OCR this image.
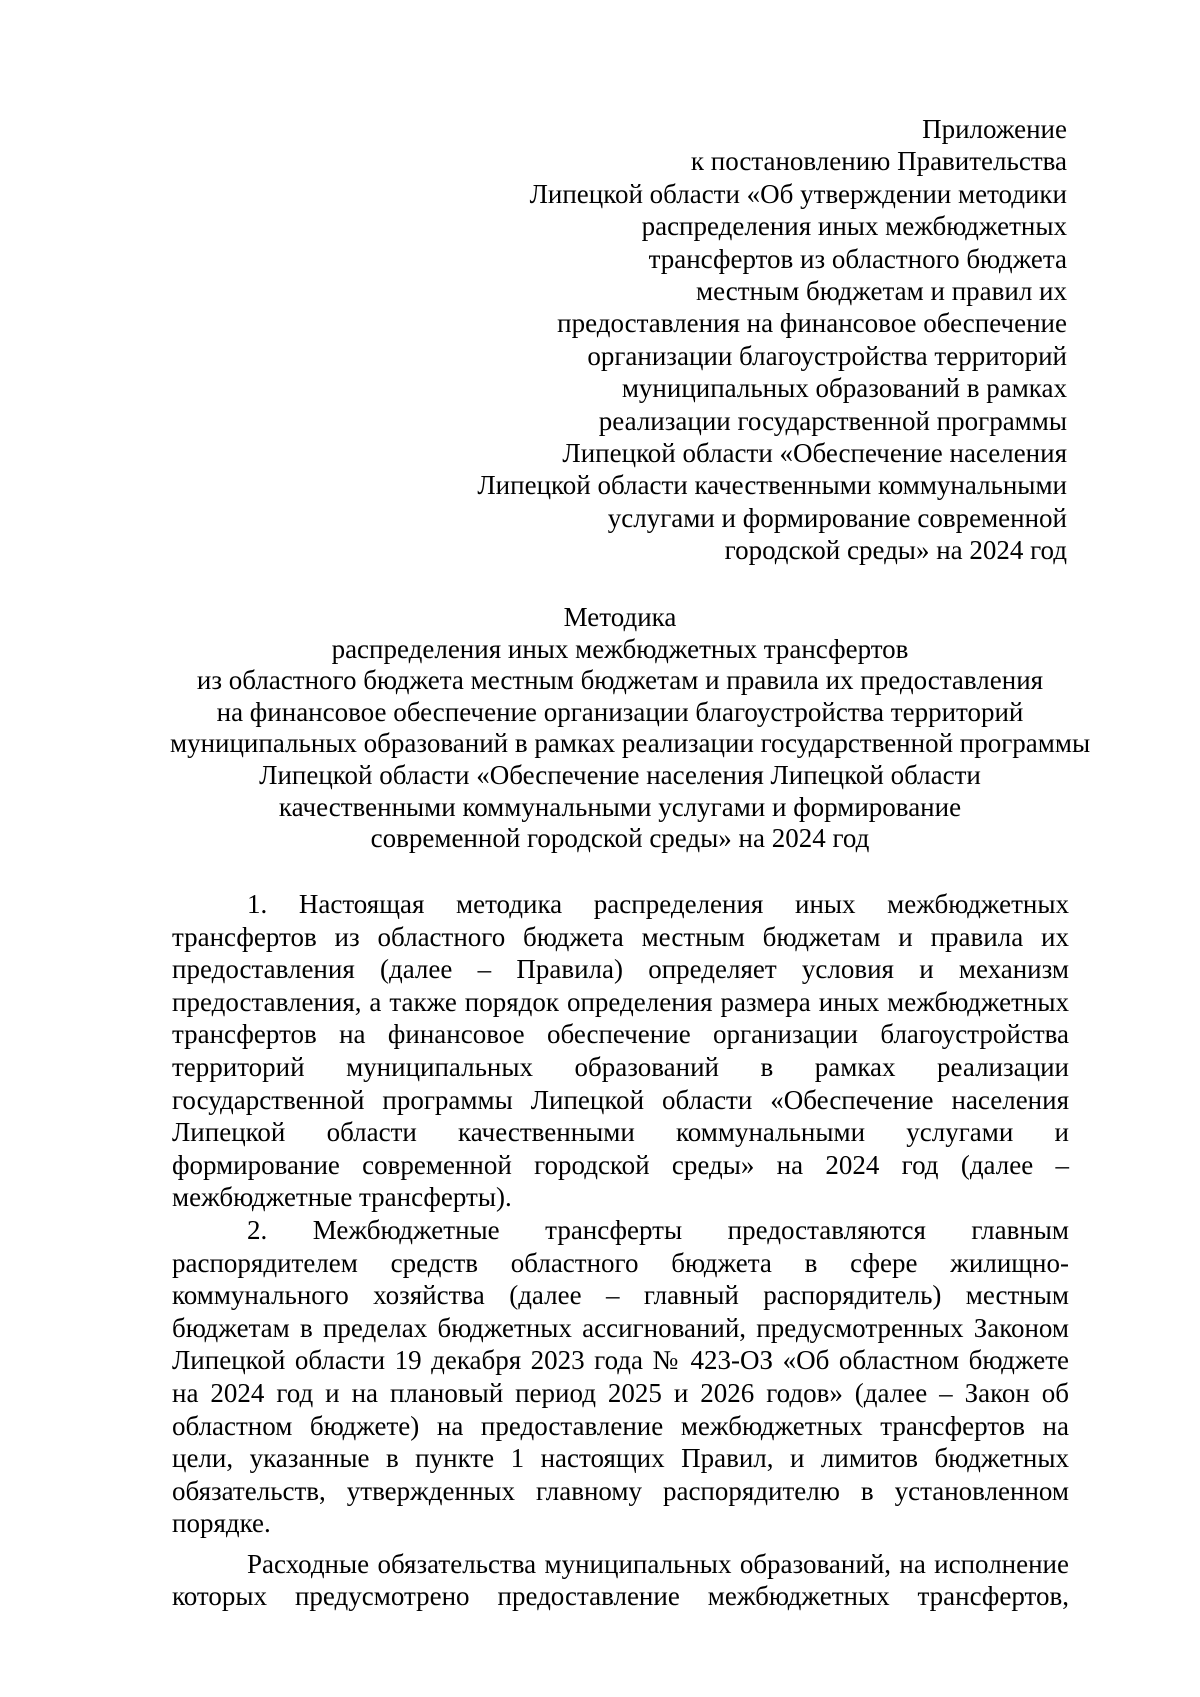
Приложение
к постановлению Правительства
Липецкой области «Об утверждении методики
распределения иных межбюджетных
трансфертов из областного бюджета
местным бюджетам и правил их
предоставления на финансовое обеспечение
организации благоустройства территорий
муниципальных образований в рамках
реализации государственной программы
Липецкой области «Обеспечение населения
Липецкой области качественными коммунальными
услугами и формирование современной
городской среды» на 2024 год
Методика
распределения иных межбюджетных трансфертов
из областного бюджета местным бюджетам и правила их предоставления
на финансовое обеспечение организации благоустройства территорий
муниципальных образований в рамках реализации государственной программы
Липецкой области «Обеспечение населения Липецкой области
качественными коммунальными услугами и формирование
современной городской среды» на 2024 год

1. Настоящая методика распределения иных межбюджетных трансфертов из областного бюджета местным бюджетам и правила их предоставления (далее – Правила) определяет условия и механизм предоставления, а также порядок определения размера иных межбюджетных трансфертов на финансовое обеспечение организации благоустройства территорий муниципальных образований в рамках реализации государственной программы Липецкой области «Обеспечение населения Липецкой области качественными коммунальными услугами и формирование современной городской среды» на 2024 год (далее – межбюджетные трансферты).

2. Межбюджетные трансферты предоставляются главным распорядителем средств областного бюджета в сфере жилищно-коммунального хозяйства (далее – главный распорядитель) местным бюджетам в пределах бюджетных ассигнований, предусмотренных Законом Липецкой области 19 декабря 2023 года № 423-ОЗ «Об областном бюджете на 2024 год и на плановый период 2025 и 2026 годов» (далее – Закон об областном бюджете) на предоставление межбюджетных трансфертов на цели, указанные в пункте 1 настоящих Правил, и лимитов бюджетных обязательств, утвержденных главному распорядителю в установленном порядке.

Расходные обязательства муниципальных образований, на исполнение которых предусмотрено предоставление межбюджетных трансфертов,
